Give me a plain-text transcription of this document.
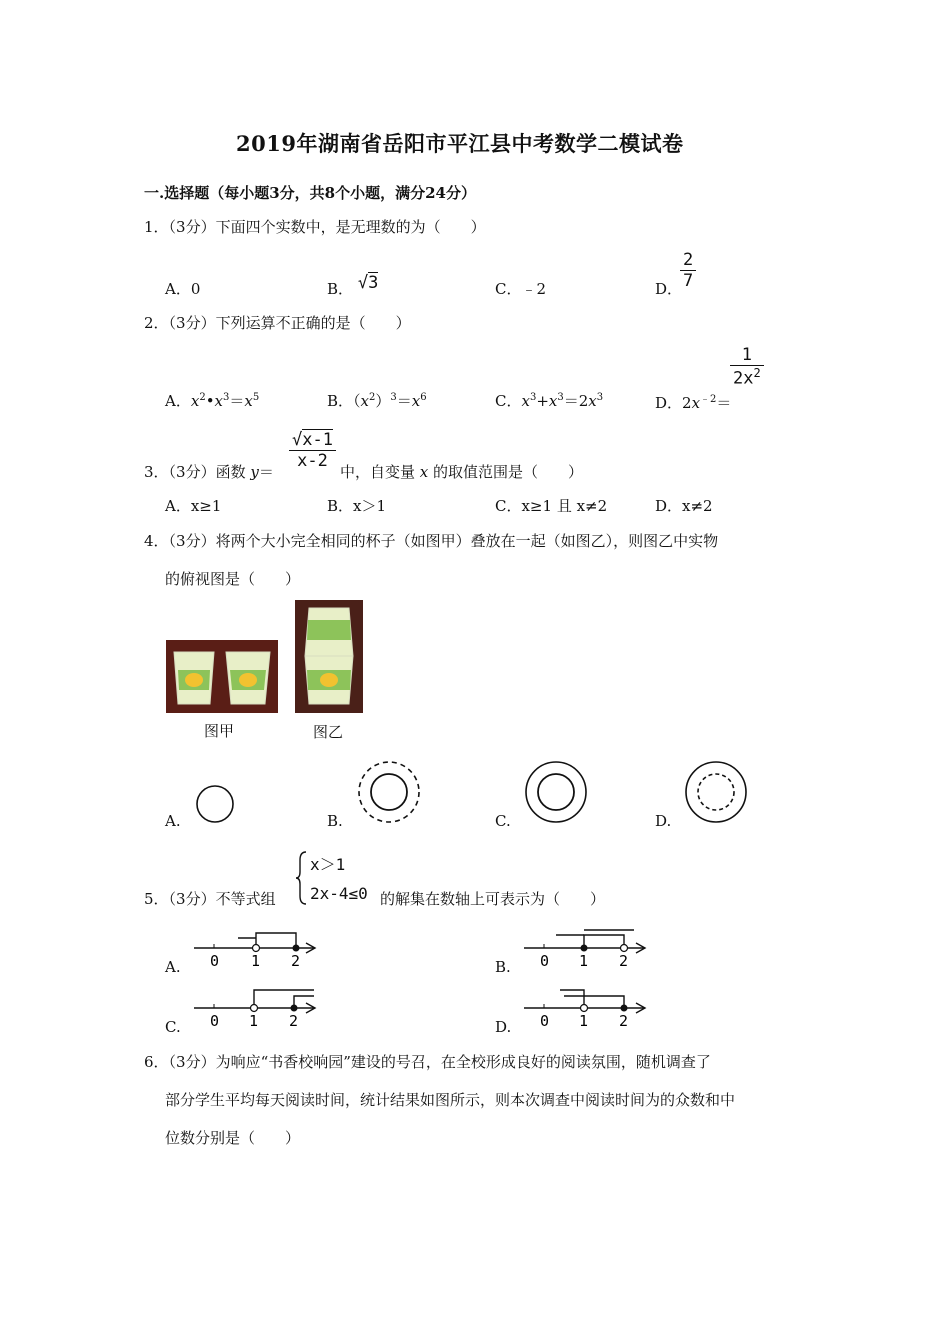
2019年湖南省岳阳市平江县中考数学二模试卷
一.选择题（每小题3分，共8个小题，满分24分）
1．（3分）下面四个实数中，是无理数的为（　　）
A．0	B． √3	C．﹣2	D．
$\frac{2}{7}$
2．（3分）下列运算不正确的是（　　）
A．$x^2•x^3=x^5$	B．$(x^2)^3=x^6$	C．$x^3+x^3=2x^3$	D．$2x^{﹣2}=$
$\frac{1}{2x^2}$
3．（3分）函数 y＝
$\frac{√x-1}{x-2}$
中，自变量 x 的取值范围是（　　）
A．x≥1	B．x＞1	C．x≥1 且 x≠2	D．x≠2
4．（3分）将两个大小完全相同的杯子（如图甲）叠放在一起（如图乙），则图乙中实物
的俯视图是（　　）
图甲	图乙
A.	B.	C.	D.
5．（3分）不等式组
x＞1
2x-4≤0 的解集在数轴上可表示为（　　）
A. 0 1 2	B. 0 1 2
C. 0 1 2	D. 0 1 2
6．（3分）为响应“书香校响园”建设的号召，在全校形成良好的阅读氛围，随机调查了
部分学生平均每天阅读时间，统计结果如图所示，则本次调查中阅读时间为的众数和中
位数分别是（　　）
